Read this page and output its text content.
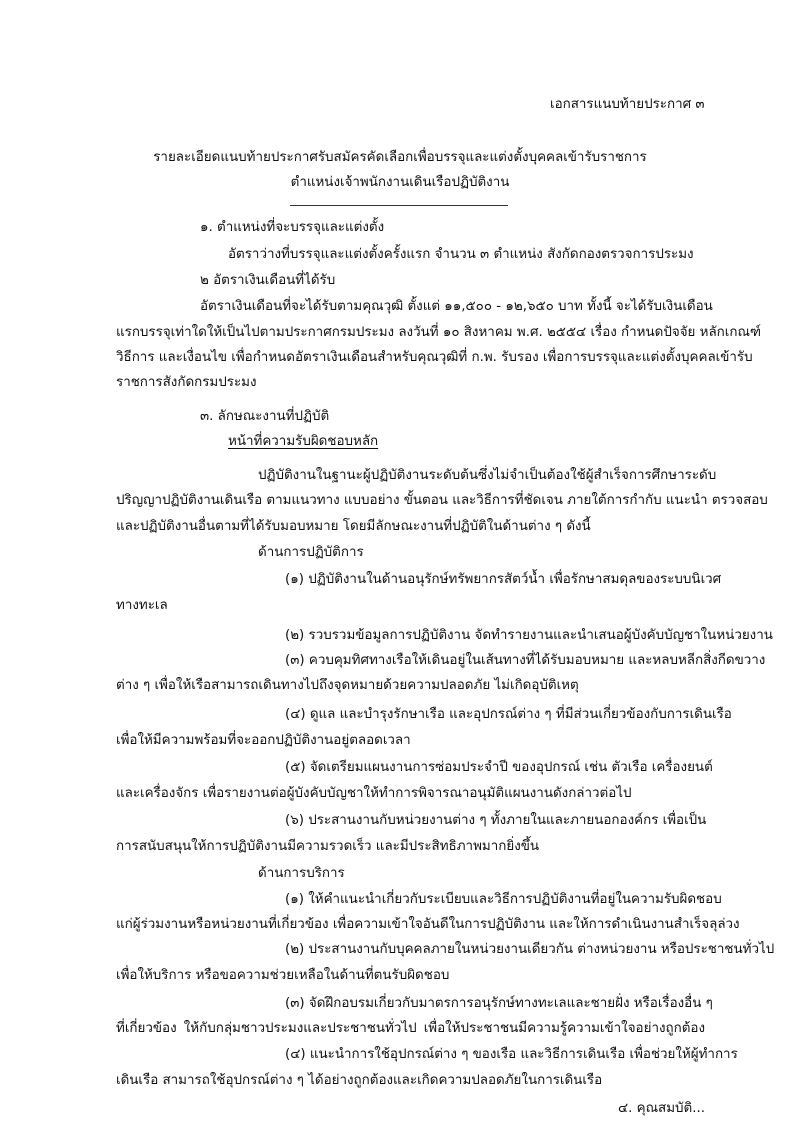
เอกสารแนบท้ายประกาศ ๓

รายละเอียดแนบท้ายประกาศรับสมัครคัดเลือกเพื่อบรรจุและแต่งตั้งบุคคลเข้ารับราชการ

ตำแหน่งเจ้าพนักงานเดินเรือปฏิบัติงาน

๑. ตำแหน่งที่จะบรรจุและแต่งตั้ง

อัตราว่างที่บรรจุและแต่งตั้งครั้งแรก จำนวน ๓ ตำแหน่ง สังกัดกองตรวจการประมง

๒ อัตราเงินเดือนที่ได้รับ

อัตราเงินเดือนที่จะได้รับตามคุณวุฒิ ตั้งแต่ ๑๑,๕๐๐ - ๑๒,๖๕๐ บาท ทั้งนี้ จะได้รับเงินเดือน

แรกบรรจุเท่าใดให้เป็นไปตามประกาศกรมประมง ลงวันที่ ๑๐ สิงหาคม พ.ศ. ๒๕๕๔ เรื่อง กำหนดปัจจัย หลักเกณฑ์

วิธีการ และเงื่อนไข เพื่อกำหนดอัตราเงินเดือนสำหรับคุณวุฒิที่ ก.พ. รับรอง เพื่อการบรรจุและแต่งตั้งบุคคลเข้ารับ

ราชการสังกัดกรมประมง

๓. ลักษณะงานที่ปฏิบัติ

หน้าที่ความรับผิดชอบหลัก

ปฏิบัติงานในฐานะผู้ปฏิบัติงานระดับต้นซึ่งไม่จำเป็นต้องใช้ผู้สำเร็จการศึกษาระดับ

ปริญญาปฏิบัติงานเดินเรือ ตามแนวทาง แบบอย่าง ขั้นตอน และวิธีการที่ชัดเจน ภายใต้การกำกับ แนะนำ ตรวจสอบ

และปฏิบัติงานอื่นตามที่ได้รับมอบหมาย โดยมีลักษณะงานที่ปฏิบัติในด้านต่าง ๆ ดังนี้

ด้านการปฏิบัติการ

(๑) ปฏิบัติงานในด้านอนุรักษ์ทรัพยากรสัตว์น้ำ เพื่อรักษาสมดุลของระบบนิเวศ

ทางทะเล

(๒) รวบรวมข้อมูลการปฏิบัติงาน จัดทำรายงานและนำเสนอผู้บังคับบัญชาในหน่วยงาน

(๓) ควบคุมทิศทางเรือให้เดินอยู่ในเส้นทางที่ได้รับมอบหมาย และหลบหลีกสิ่งกีดขวาง

ต่าง ๆ เพื่อให้เรือสามารถเดินทางไปถึงจุดหมายด้วยความปลอดภัย ไม่เกิดอุบัติเหตุ

(๔) ดูแล และบำรุงรักษาเรือ และอุปกรณ์ต่าง ๆ ที่มีส่วนเกี่ยวข้องกับการเดินเรือ

เพื่อให้มีความพร้อมที่จะออกปฏิบัติงานอยู่ตลอดเวลา

(๕) จัดเตรียมแผนงานการซ่อมประจำปี ของอุปกรณ์ เช่น ตัวเรือ เครื่องยนต์

และเครื่องจักร เพื่อรายงานต่อผู้บังคับบัญชาให้ทำการพิจารณาอนุมัติแผนงานดังกล่าวต่อไป

(๖) ประสานงานกับหน่วยงานต่าง ๆ ทั้งภายในและภายนอกองค์กร เพื่อเป็น

การสนับสนุนให้การปฏิบัติงานมีความรวดเร็ว และมีประสิทธิภาพมากยิ่งขึ้น

ด้านการบริการ

(๑) ให้คำแนะนำเกี่ยวกับระเบียบและวิธีการปฏิบัติงานที่อยู่ในความรับผิดชอบ

แก่ผู้ร่วมงานหรือหน่วยงานที่เกี่ยวข้อง เพื่อความเข้าใจอันดีในการปฏิบัติงาน และให้การดำเนินงานสำเร็จลุล่วง

(๒) ประสานงานกับบุคคลภายในหน่วยงานเดียวกัน ต่างหน่วยงาน หรือประชาชนทั่วไป

เพื่อให้บริการ หรือขอความช่วยเหลือในด้านที่ตนรับผิดชอบ

(๓) จัดฝึกอบรมเกี่ยวกับมาตรการอนุรักษ์ทางทะเลและชายฝั่ง หรือเรื่องอื่น ๆ

ที่เกี่ยวข้อง ให้กับกลุ่มชาวประมงและประชาชนทั่วไป เพื่อให้ประชาชนมีความรู้ความเข้าใจอย่างถูกต้อง

(๔) แนะนำการใช้อุปกรณ์ต่าง ๆ ของเรือ และวิธีการเดินเรือ เพื่อช่วยให้ผู้ทำการ

เดินเรือ สามารถใช้อุปกรณ์ต่าง ๆ ได้อย่างถูกต้องและเกิดความปลอดภัยในการเดินเรือ

๔. คุณสมบัติ...
